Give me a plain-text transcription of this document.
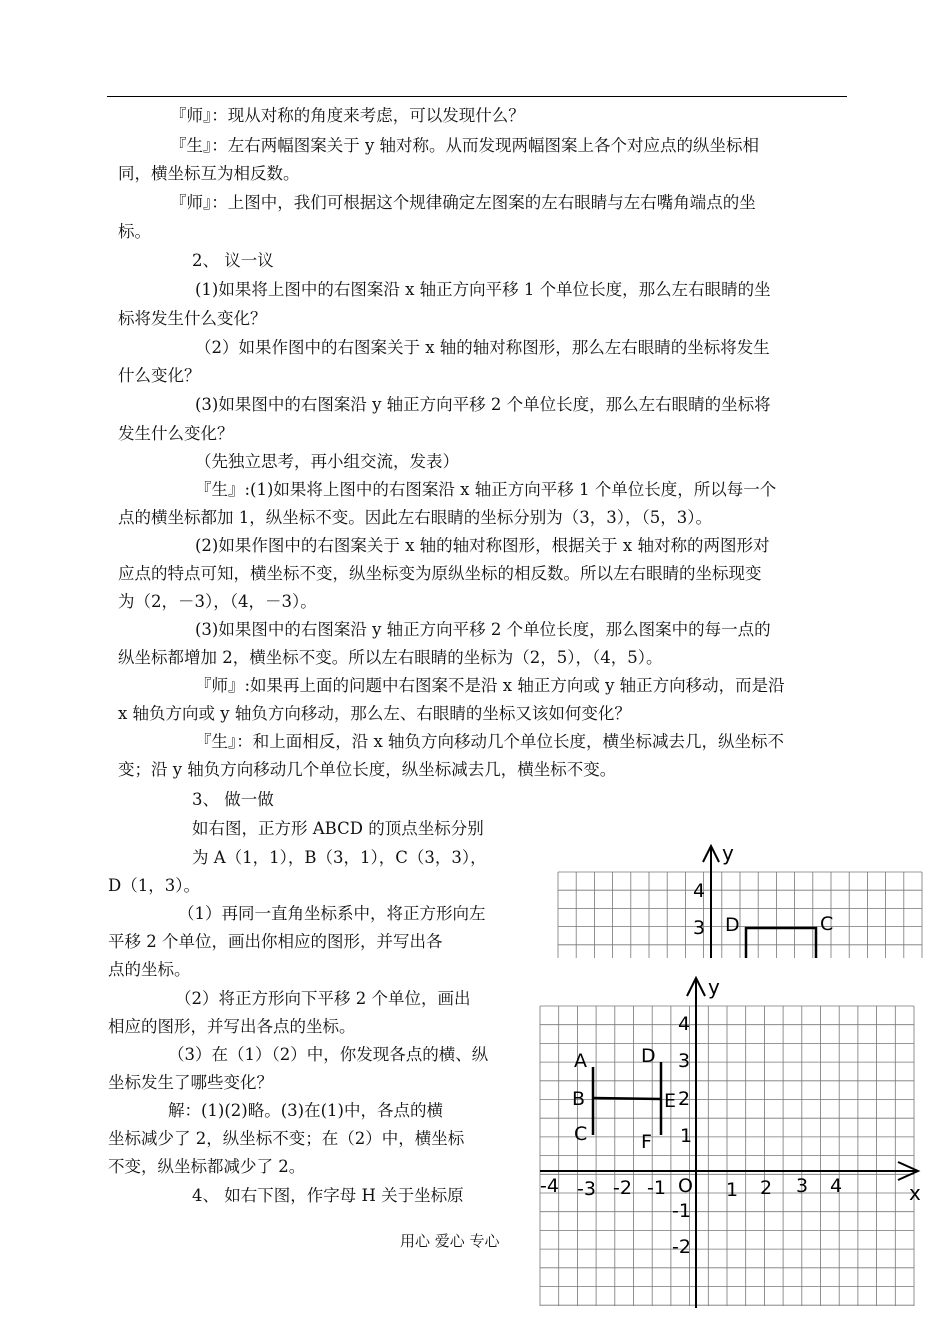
『师』：现从对称的角度来考虑，可以发现什么？
『生』：左右两幅图案关于 y 轴对称。从而发现两幅图案上各个对应点的纵坐标相
同，横坐标互为相反数。
『师』：上图中，我们可根据这个规律确定左图案的左右眼睛与左右嘴角端点的坐
标。
2、 议一议
(1)如果将上图中的右图案沿 x 轴正方向平移 1 个单位长度，那么左右眼睛的坐
标将发生什么变化？
（2）如果作图中的右图案关于 x 轴的轴对称图形，那么左右眼睛的坐标将发生
什么变化？
(3)如果图中的右图案沿 y 轴正方向平移 2 个单位长度，那么左右眼睛的坐标将
发生什么变化？
（先独立思考，再小组交流，发表）
『生』:(1)如果将上图中的右图案沿 x 轴正方向平移 1 个单位长度，所以每一个
点的横坐标都加 1，纵坐标不变。因此左右眼睛的坐标分别为（3，3），（5，3）。
(2)如果作图中的右图案关于 x 轴的轴对称图形，根据关于 x 轴对称的两图形对
应点的特点可知，横坐标不变，纵坐标变为原纵坐标的相反数。所以左右眼睛的坐标现变
为（2，－3），（4，－3）。
(3)如果图中的右图案沿 y 轴正方向平移 2 个单位长度，那么图案中的每一点的
纵坐标都增加 2，横坐标不变。所以左右眼睛的坐标为（2，5），（4，5）。
『师』:如果再上面的问题中右图案不是沿 x 轴正方向或 y 轴正方向移动，而是沿
x 轴负方向或 y 轴负方向移动，那么左、右眼睛的坐标又该如何变化？
『生』：和上面相反，沿 x 轴负方向移动几个单位长度，横坐标减去几，纵坐标不
变；沿 y 轴负方向移动几个单位长度，纵坐标减去几，横坐标不变。
3、 做一做
如右图，正方形 ABCD 的顶点坐标分别
为 A（1，1），B（3，1），C（3，3），
D（1，3）。
（1）再同一直角坐标系中，将正方形向左
平移 2 个单位，画出你相应的图形，并写出各
点的坐标。
（2）将正方形向下平移 2 个单位，画出
相应的图形，并写出各点的坐标。
（3）在（1）（2）中，你发现各点的横、纵
坐标发生了哪些变化？
解：(1)(2)略。(3)在(1)中，各点的横
坐标减少了 2，纵坐标不变；在（2）中，横坐标
不变，纵坐标都减少了 2。
4、 如右下图，作字母 H 关于坐标原
y
4
3 D	C
x
y
O
-4 -3 -2 -1	1 2 3 4
4
3
2
1
-1
-2
A
B
C
D
E
F
用心 爱心 专心
